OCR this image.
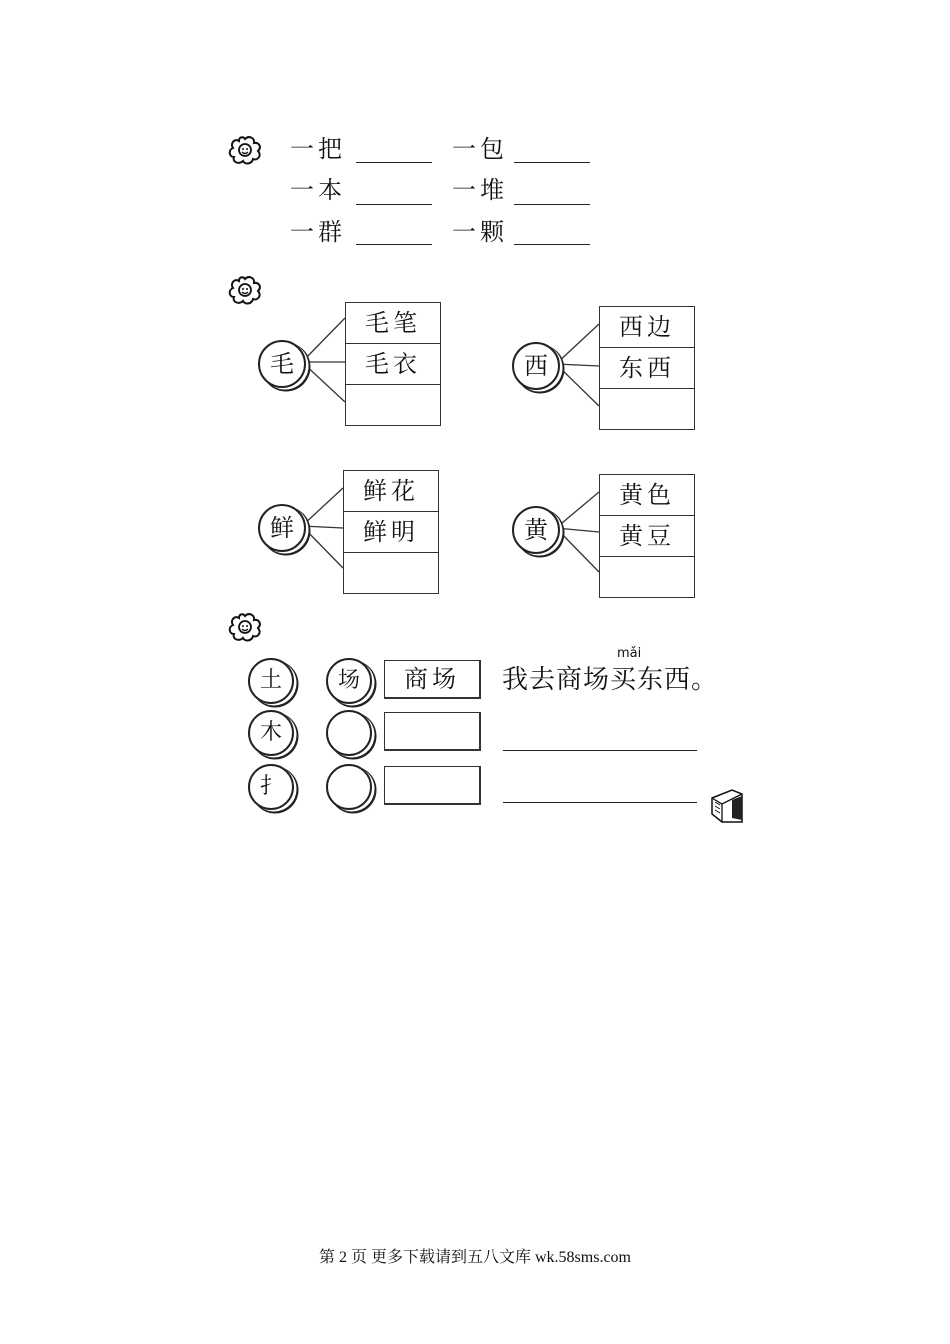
一把	一包
一本	一堆
一群	一颗
毛
毛笔
毛衣	西
西边
东西
鲜
鲜花
鲜明	黄
黄色
黄豆
土	场	商场
mǎi
我去商场买东西。
木
扌
第 2 页 更多下载请到五八文库 wk.58sms.com
